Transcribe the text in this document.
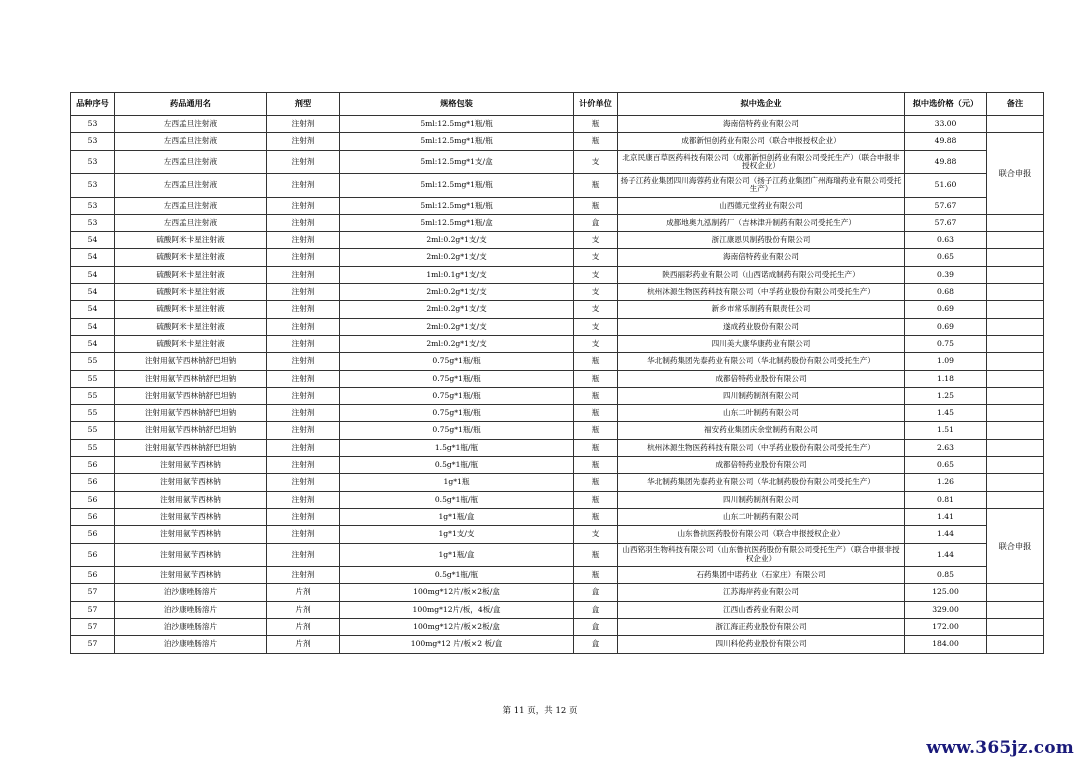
品种序号	药品通用名	剂型	规格包装	计价单位	拟中选企业	拟中选价格（元）	备注
53	左西孟旦注射液	注射剂	5ml:12.5mg*1瓶/瓶	瓶	海南倍特药业有限公司	33.00	
53	左西孟旦注射液	注射剂	5ml:12.5mg*1瓶/瓶	瓶	成都新恒创药业有限公司（联合申报授权企业）	49.88	联合申报
53	左西孟旦注射液	注射剂	5ml:12.5mg*1支/盒	支	北京民康百草医药科技有限公司（成都新恒创药业有限公司受托生产）（联合申报非授权企业）	49.88	
53	左西孟旦注射液	注射剂	5ml:12.5mg*1瓶/瓶	瓶	扬子江药业集团四川海蓉药业有限公司（扬子江药业集团广州海瑞药业有限公司受托生产）	51.60	
53	左西孟旦注射液	注射剂	5ml:12.5mg*1瓶/瓶	瓶	山西德元堂药业有限公司	57.67	
53	左西孟旦注射液	注射剂	5ml:12.5mg*1瓶/盒	盒	成都地奥九泓制药厂（吉林津升制药有限公司受托生产）	57.67	
54	硫酸阿米卡星注射液	注射剂	2ml:0.2g*1支/支	支	浙江康恩贝制药股份有限公司	0.63	
54	硫酸阿米卡星注射液	注射剂	2ml:0.2g*1支/支	支	海南倍特药业有限公司	0.65	
54	硫酸阿米卡星注射液	注射剂	1ml:0.1g*1支/支	支	陕西丽彩药业有限公司（山西诺成制药有限公司受托生产）	0.39	
54	硫酸阿米卡星注射液	注射剂	2ml:0.2g*1支/支	支	杭州沐源生物医药科技有限公司（中孚药业股份有限公司受托生产）	0.68	
54	硫酸阿米卡星注射液	注射剂	2ml:0.2g*1支/支	支	新乡市常乐制药有限责任公司	0.69	
54	硫酸阿米卡星注射液	注射剂	2ml:0.2g*1支/支	支	遂成药业股份有限公司	0.69	
54	硫酸阿米卡星注射液	注射剂	2ml:0.2g*1支/支	支	四川美大康华康药业有限公司	0.75	
55	注射用氨苄西林钠舒巴坦钠	注射剂	0.75g*1瓶/瓶	瓶	华北制药集团先泰药业有限公司（华北制药股份有限公司受托生产）	1.09	
55	注射用氨苄西林钠舒巴坦钠	注射剂	0.75g*1瓶/瓶	瓶	成都倍特药业股份有限公司	1.18	
55	注射用氨苄西林钠舒巴坦钠	注射剂	0.75g*1瓶/瓶	瓶	四川制药制剂有限公司	1.25	
55	注射用氨苄西林钠舒巴坦钠	注射剂	0.75g*1瓶/瓶	瓶	山东二叶制药有限公司	1.45	
55	注射用氨苄西林钠舒巴坦钠	注射剂	0.75g*1瓶/瓶	瓶	福安药业集团庆余堂制药有限公司	1.51	
55	注射用氨苄西林钠舒巴坦钠	注射剂	1.5g*1瓶/瓶	瓶	杭州沐源生物医药科技有限公司（中孚药业股份有限公司受托生产）	2.63	
56	注射用氨苄西林钠	注射剂	0.5g*1瓶/瓶	瓶	成都倍特药业股份有限公司	0.65	
56	注射用氨苄西林钠	注射剂	1g*1瓶	瓶	华北制药集团先泰药业有限公司（华北制药股份有限公司受托生产）	1.26	
56	注射用氨苄西林钠	注射剂	0.5g*1瓶/瓶	瓶	四川制药制剂有限公司	0.81	
56	注射用氨苄西林钠	注射剂	1g*1瓶/盒	瓶	山东二叶制药有限公司	1.41	联合申报
56	注射用氨苄西林钠	注射剂	1g*1支/支	支	山东鲁抗医药股份有限公司（联合申报授权企业）	1.44	
56	注射用氨苄西林钠	注射剂	1g*1瓶/盒	瓶	山西铭羽生物科技有限公司（山东鲁抗医药股份有限公司受托生产）（联合申报非授权企业）	1.44	
56	注射用氨苄西林钠	注射剂	0.5g*1瓶/瓶	瓶	石药集团中诺药业（石家庄）有限公司	0.85	
57	泊沙康唑肠溶片	片剂	100mg*12片/板×2板/盒	盒	江苏海岸药业有限公司	125.00	
57	泊沙康唑肠溶片	片剂	100mg*12片/板，4板/盒	盒	江西山香药业有限公司	329.00	
57	泊沙康唑肠溶片	片剂	100mg*12片/板×2板/盒	盒	浙江海正药业股份有限公司	172.00	
57	泊沙康唑肠溶片	片剂	100mg*12 片/板×2 板/盒	盒	四川科伦药业股份有限公司	184.00	
第 11 页，共 12 页
www.365jz.com
